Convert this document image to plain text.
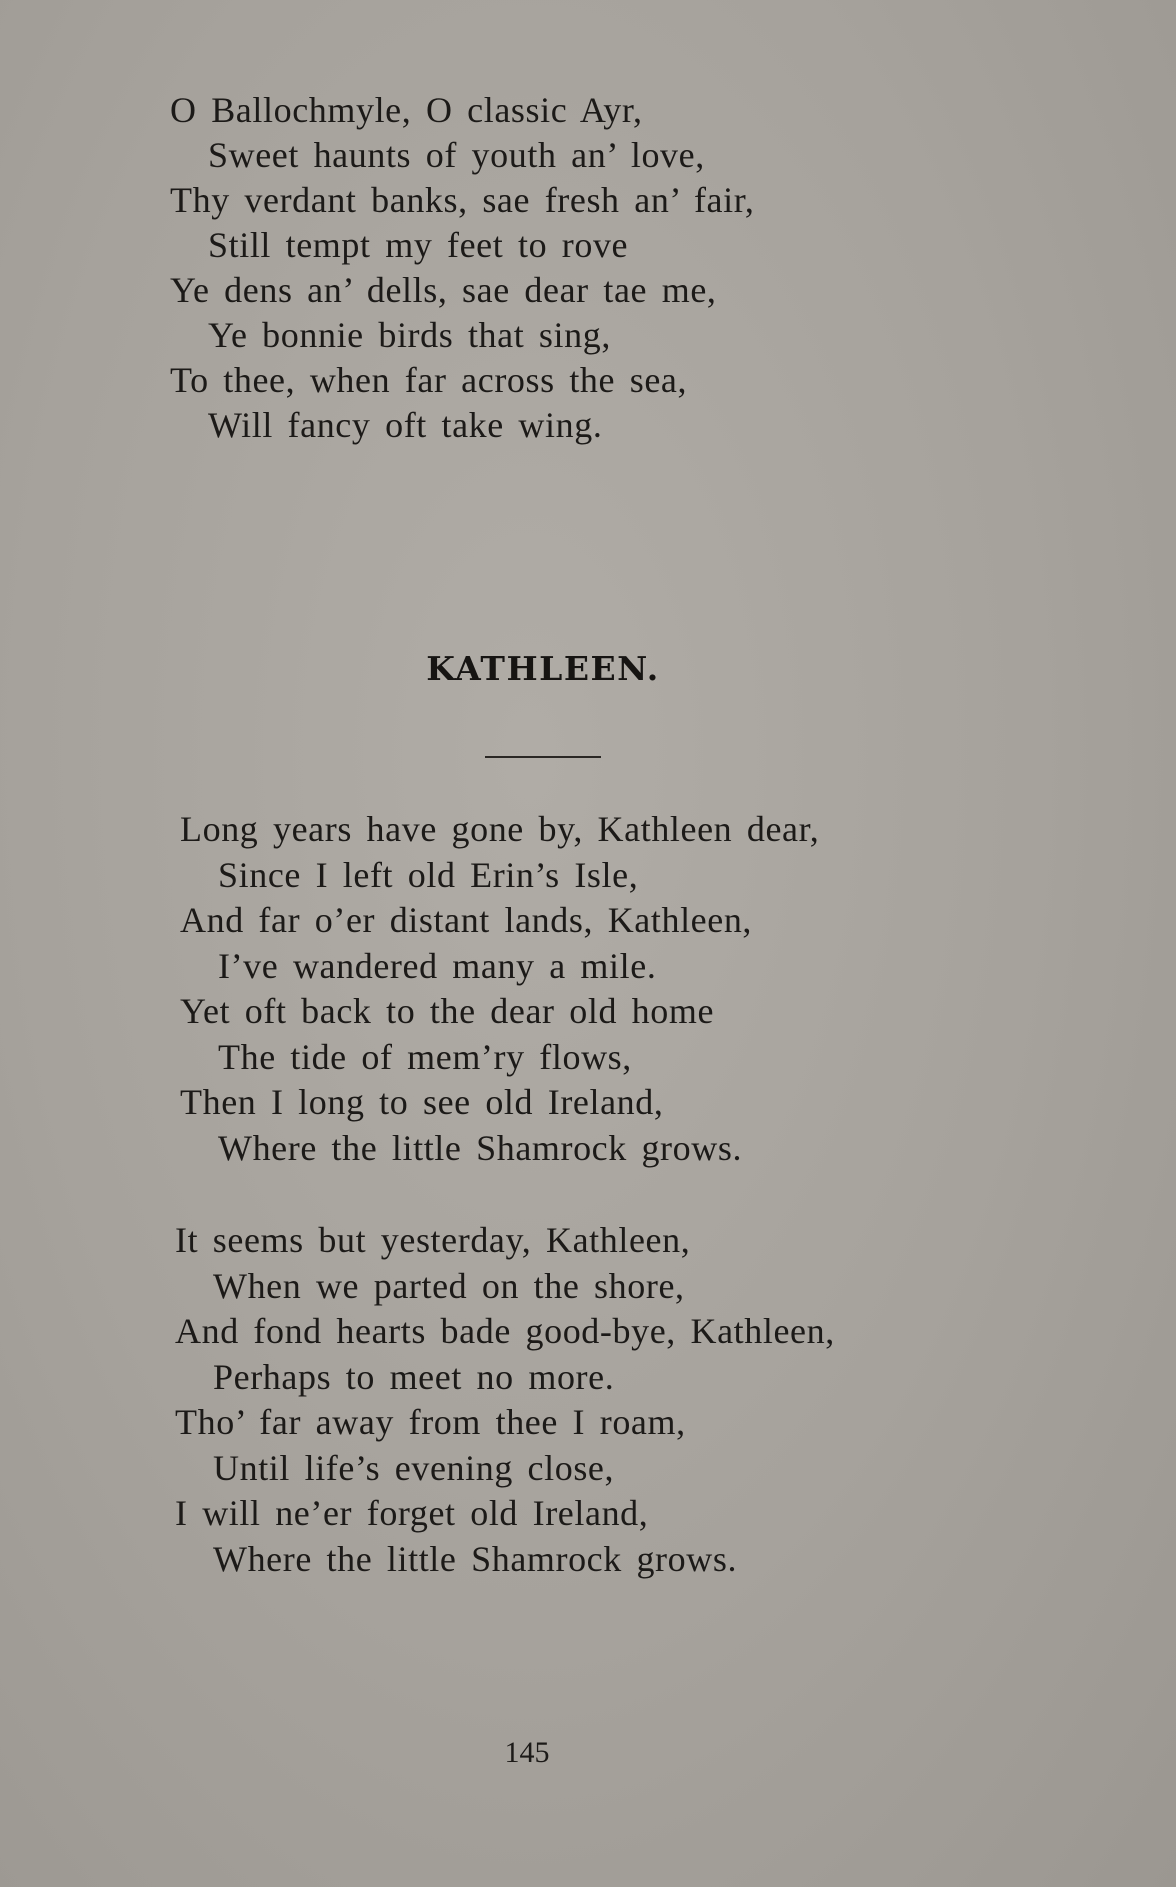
O Ballochmyle, O classic Ayr,
Sweet haunts of youth an’ love,
Thy verdant banks, sae fresh an’ fair,
Still tempt my feet to rove
Ye dens an’ dells, sae dear tae me,
Ye bonnie birds that sing,
To thee, when far across the sea,
Will fancy oft take wing.
KATHLEEN.
Long years have gone by, Kathleen dear,
Since I left old Erin’s Isle,
And far o’er distant lands, Kathleen,
I’ve wandered many a mile.
Yet oft back to the dear old home
The tide of mem’ry flows,
Then I long to see old Ireland,
Where the little Shamrock grows.
It seems but yesterday, Kathleen,
When we parted on the shore,
And fond hearts bade good-bye, Kathleen,
Perhaps to meet no more.
Tho’ far away from thee I roam,
Until life’s evening close,
I will ne’er forget old Ireland,
Where the little Shamrock grows.
145
